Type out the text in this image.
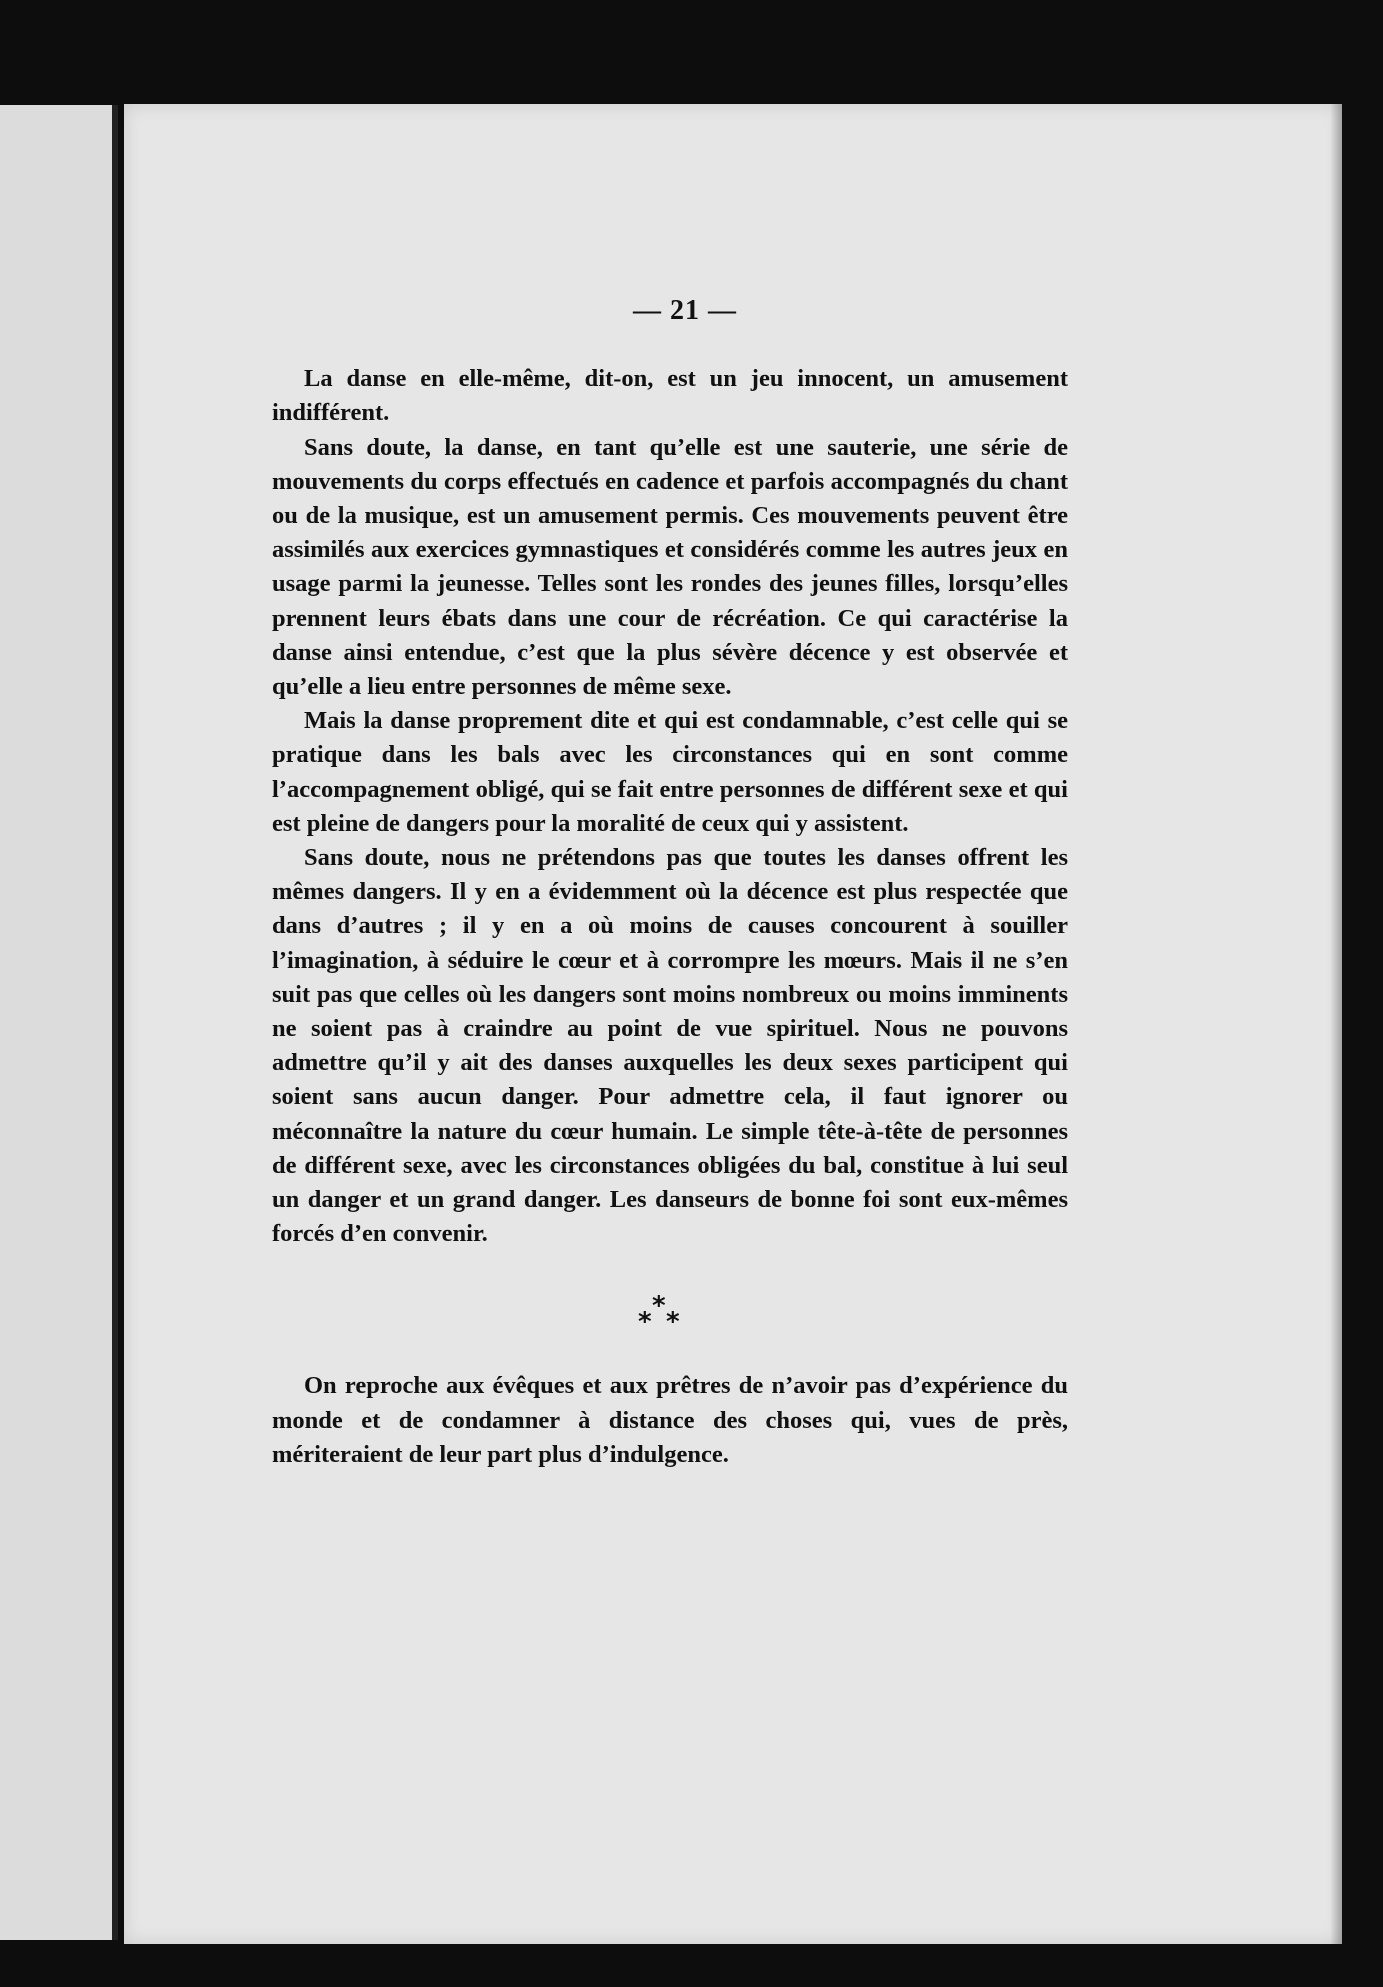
— 21 —

La danse en elle-même, dit-on, est un jeu innocent, un amusement indifférent.

Sans doute, la danse, en tant qu’elle est une sauterie, une série de mouvements du corps effectués en cadence et parfois accompagnés du chant ou de la musique, est un amusement permis. Ces mouvements peuvent être assimilés aux exercices gymnastiques et considérés comme les autres jeux en usage parmi la jeunesse. Telles sont les rondes des jeunes filles, lorsqu’elles prennent leurs ébats dans une cour de récréation. Ce qui caractérise la danse ainsi entendue, c’est que la plus sévère décence y est observée et qu’elle a lieu entre personnes de même sexe.

Mais la danse proprement dite et qui est condamnable, c’est celle qui se pratique dans les bals avec les circonstances qui en sont comme l’accompagnement obligé, qui se fait entre personnes de différent sexe et qui est pleine de dangers pour la moralité de ceux qui y assistent.

Sans doute, nous ne prétendons pas que toutes les danses offrent les mêmes dangers. Il y en a évidemment où la décence est plus respectée que dans d’autres ; il y en a où moins de causes concourent à souiller l’imagination, à séduire le cœur et à corrompre les mœurs. Mais il ne s’en suit pas que celles où les dangers sont moins nombreux ou moins imminents ne soient pas à craindre au point de vue spirituel. Nous ne pouvons admettre qu’il y ait des danses auxquelles les deux sexes participent qui soient sans aucun danger. Pour admettre cela, il faut ignorer ou méconnaître la nature du cœur humain. Le simple tête-à-tête de personnes de différent sexe, avec les circonstances obligées du bal, constitue à lui seul un danger et un grand danger. Les danseurs de bonne foi sont eux-mêmes forcés d’en convenir.

*
* *

On reproche aux évêques et aux prêtres de n’avoir pas d’expérience du monde et de condamner à distance des choses qui, vues de près, mériteraient de leur part plus d’indulgence.
